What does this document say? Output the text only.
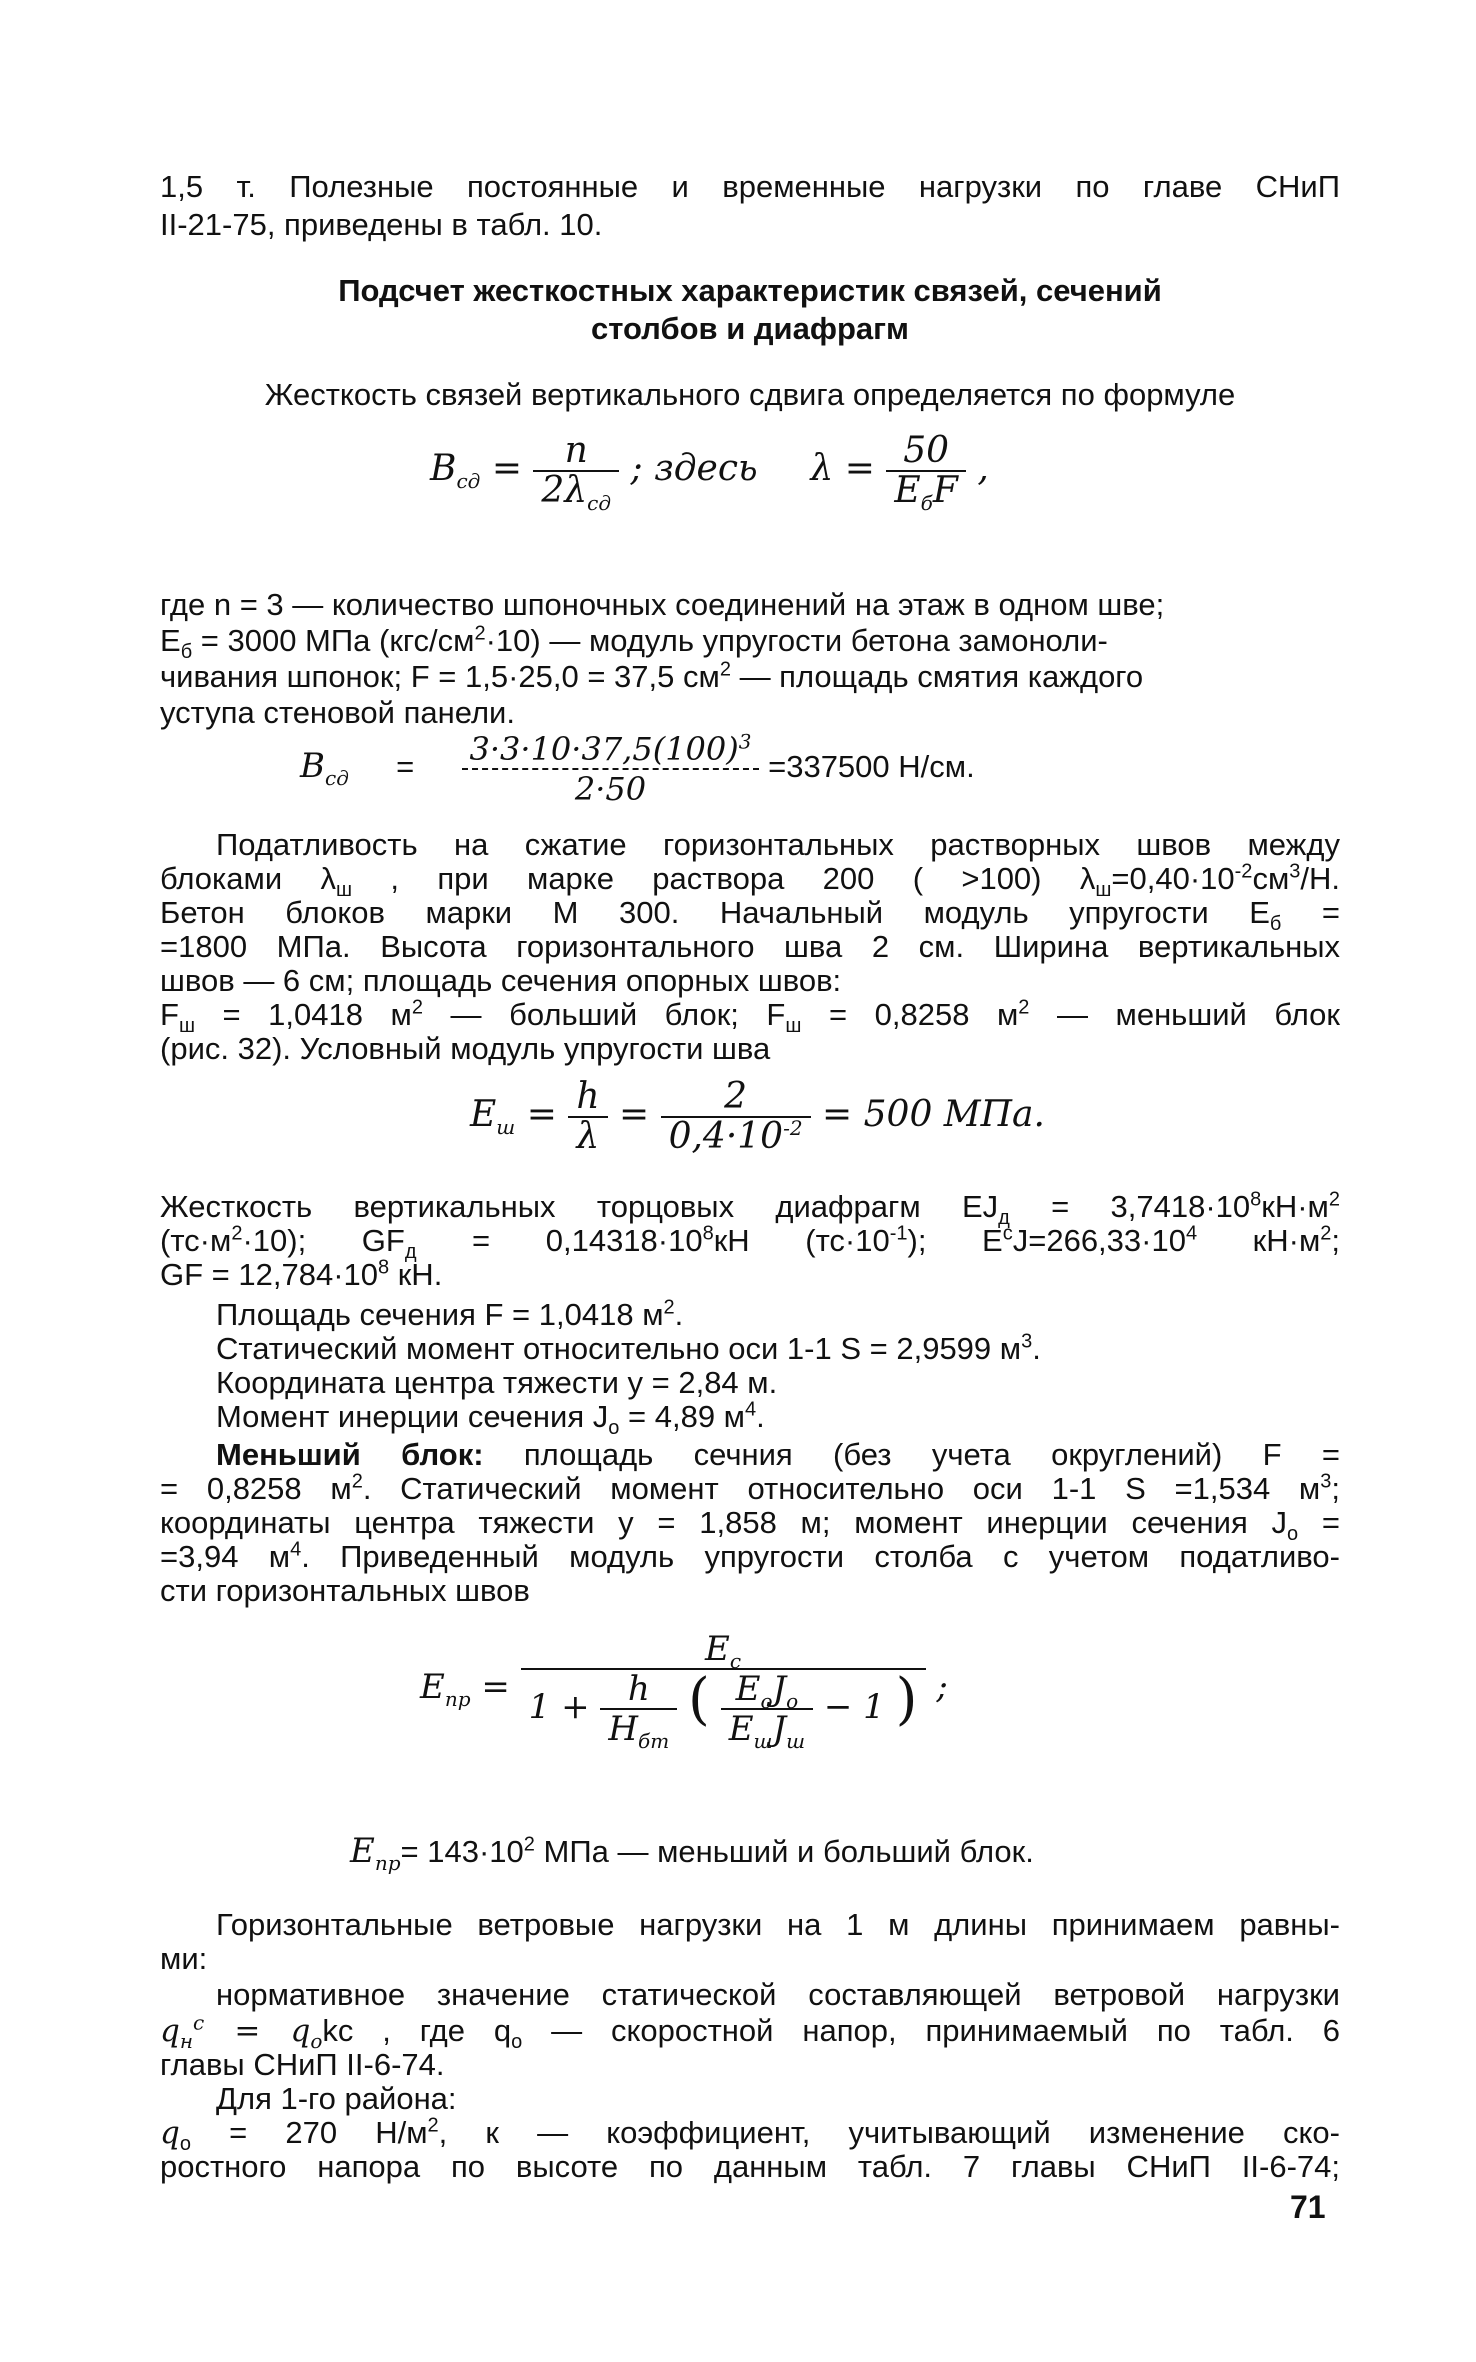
1,5 т. Полезные постоянные и временные нагрузки по главе СНиП

II-21-75, приведены в табл. 10.

Подсчет жесткостных характеристик связей, сечений
столбов и диафрагм
Жесткость связей вертикального сдвига определяется по формуле
$B_{сд} = \frac{n}{2\lambda_{сд}}$ ; здесь $\lambda = \frac{50}{E_бF}$ ,

где n = 3 — количество шпоночных соединений на этаж в одном шве;

$E_б = 3000$ МПа $(кгс/см^2\cdot 10)$ — модуль упругости бетона замоноли-

чивания шпонок; F = 1,5·25,0 = 37,5 $см^2$ — площадь смятия каждого

уступа стеновой панели.

$B_{сд} = \frac{3\cdot 3\cdot 10\cdot 37,5(100)^3}{2\cdot 50} =337500$ Н/см.

Податливость на сжатие горизонтальных растворных швов между

блоками $\lambda_ш$ , при марке раствора 200 ( >100) $\lambda_ш=0,40\cdot 10^{-2}см^3/Н$.

Бетон блоков марки М 300. Начальный модуль упругости $E_б$ =

=1800 МПа. Высота горизонтального шва 2 см. Ширина вертикальных

швов — 6 см; площадь сечения опорных швов:

$F_ш = 1,0418$ $м^2$ — больший блок; $F_ш = 0,8258$ $м^2$ — меньший блок

(рис. 32). Условный модуль упругости шва

$E_ш = \frac{h}{\lambda} = \frac{2}{0,4\cdot 10^{-2}} = 500$ МПа.

Жесткость вертикальных торцовых диафрагм $EJ_д = 3,7418\cdot 10^8кН\cdot м^2$

$(тс\cdot м^2\cdot 10)$; $GF_д = 0,14318\cdot 10^8кН$ $(тс\cdot 10^{-1})$; $E^сJ=266,33\cdot 10^4$ $кН\cdot м^2$;

GF = $12,784\cdot 10^8$ кН.

Площадь сечения F = 1,0418 $м^2$.

Статический момент относительно оси 1-1 S = 2,9599 $м^3$.

Координата центра тяжести y = 2,84 м.

Момент инерции сечения $J_о = 4,89$ $м^4$.

Меньший блок: площадь сечния (без учета округлений) F =

= 0,8258 $м^2$. Статический момент относительно оси 1-1 S =1,534 $м^3$;

координаты центра тяжести y = 1,858 м; момент инерции сечения $J_о$ =

=3,94 $м^4$. Приведенный модуль упругости столба с учетом податливо-

сти горизонтальных швов

$E_{пр}$ =
$E_с$
$1 + \frac{h}{H_{бт}}$ ( $\frac{E_оJ_о}{E_шJ_ш} - 1$ ) ;
$E_{пр}= 143\cdot 10^2$ МПа — меньший и больший блок.

Горизонтальные ветровые нагрузки на 1 м длины принимаем равны-

ми:

нормативное значение статической составляющей ветровой нагрузки

$q_н^с = q_оkc$ , где $q_о$ — скоростной напор, принимаемый по табл. 6

главы СНиП II-6-74.

Для 1-го района:

$q_о = 270$ $Н/м^2$, к — коэффициент, учитывающий изменение ско-

ростного напора по высоте по данным табл. 7 главы СНиП II-6-74;

71
